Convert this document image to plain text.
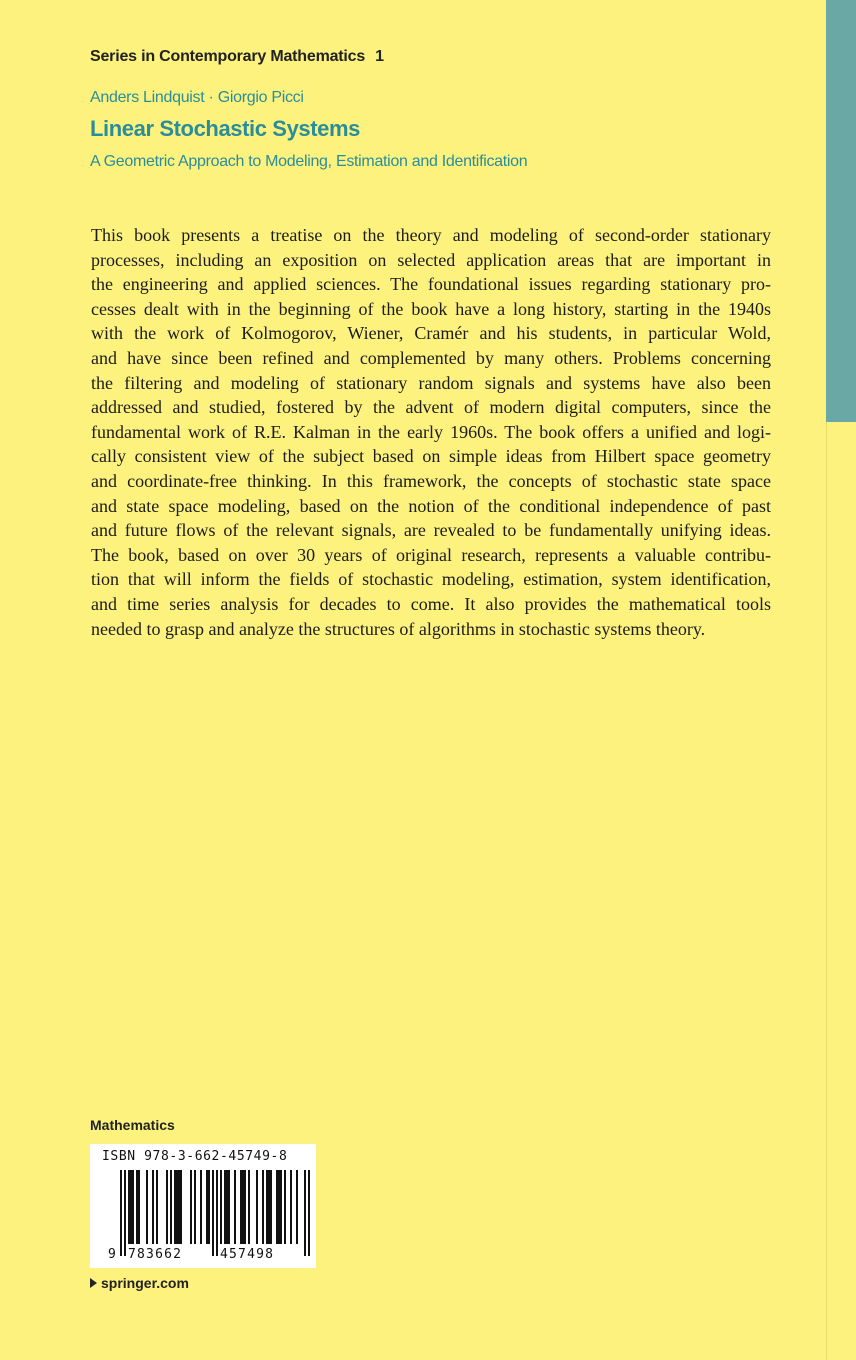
Series in Contemporary Mathematics 1
Anders Lindquist · Giorgio Picci
Linear Stochastic Systems
A Geometric Approach to Modeling, Estimation and Identification
This book presents a treatise on the theory and modeling of second-order stationary
processes, including an exposition on selected application areas that are important in
the engineering and applied sciences. The foundational issues regarding stationary pro-
cesses dealt with in the beginning of the book have a long history, starting in the 1940s
with the work of Kolmogorov, Wiener, Cramér and his students, in particular Wold,
and have since been refined and complemented by many others. Problems concerning
the filtering and modeling of stationary random signals and systems have also been
addressed and studied, fostered by the advent of modern digital computers, since the
fundamental work of R.E. Kalman in the early 1960s. The book offers a unified and logi-
cally consistent view of the subject based on simple ideas from Hilbert space geometry
and coordinate-free thinking. In this framework, the concepts of stochastic state space
and state space modeling, based on the notion of the conditional independence of past
and future flows of the relevant signals, are revealed to be fundamentally unifying ideas.
The book, based on over 30 years of original research, represents a valuable contribu-
tion that will inform the fields of stochastic modeling, estimation, system identification,
and time series analysis for decades to come. It also provides the mathematical tools
needed to grasp and analyze the structures of algorithms in stochastic systems theory.
Mathematics
ISBN 978-3-662-45749-8
9 783662	457498
springer.com
